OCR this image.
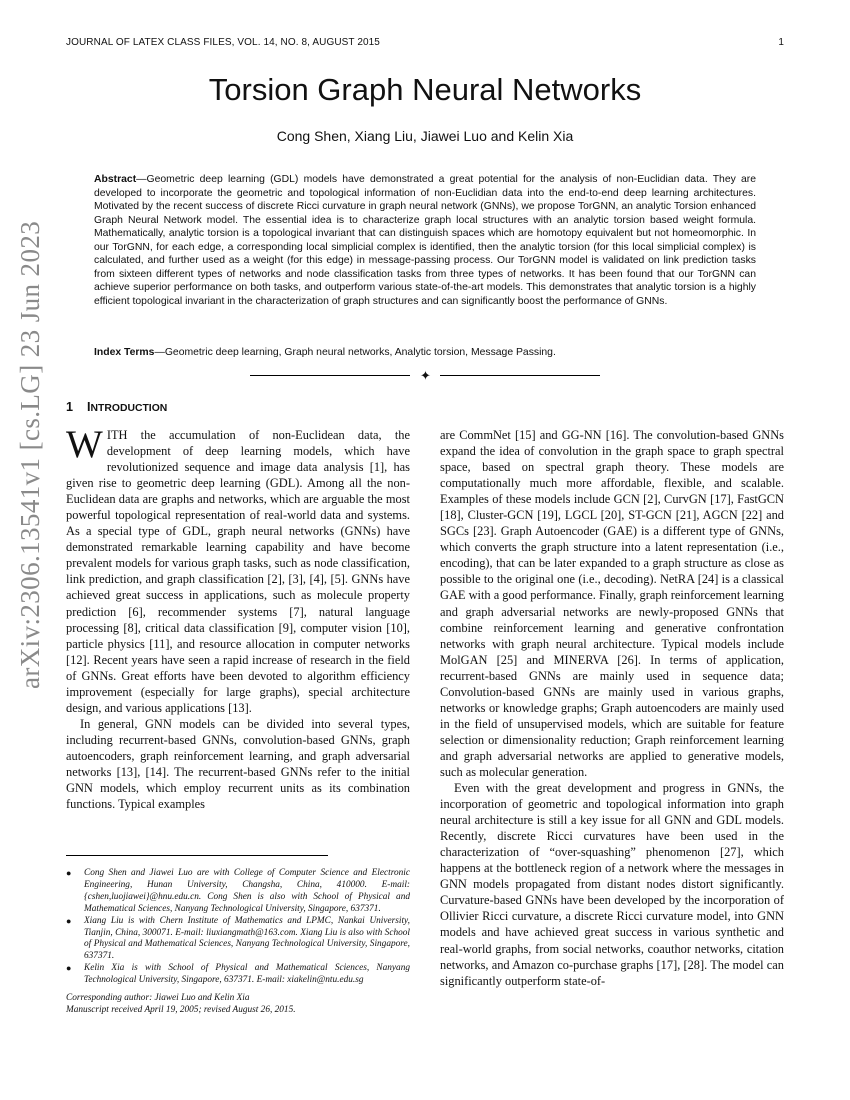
JOURNAL OF LATEX CLASS FILES, VOL. 14, NO. 8, AUGUST 2015	1
arXiv:2306.13541v1 [cs.LG] 23 Jun 2023
Torsion Graph Neural Networks
Cong Shen, Xiang Liu, Jiawei Luo and Kelin Xia

Abstract—Geometric deep learning (GDL) models have demonstrated a great potential for the analysis of non-Euclidian data. They are developed to incorporate the geometric and topological information of non-Euclidian data into the end-to-end deep learning architectures. Motivated by the recent success of discrete Ricci curvature in graph neural network (GNNs), we propose TorGNN, an analytic Torsion enhanced Graph Neural Network model. The essential idea is to characterize graph local structures with an analytic torsion based weight formula. Mathematically, analytic torsion is a topological invariant that can distinguish spaces which are homotopy equivalent but not homeomorphic. In our TorGNN, for each edge, a corresponding local simplicial complex is identified, then the analytic torsion (for this local simplicial complex) is calculated, and further used as a weight (for this edge) in message-passing process. Our TorGNN model is validated on link prediction tasks from sixteen different types of networks and node classification tasks from three types of networks. It has been found that our TorGNN can achieve superior performance on both tasks, and outperform various state-of-the-art models. This demonstrates that analytic torsion is a highly efficient topological invariant in the characterization of graph structures and can significantly boost the performance of GNNs.

Index Terms—Geometric deep learning, Graph neural networks, Analytic torsion, Message Passing.

✦
1 INTRODUCTION

WITH the accumulation of non-Euclidean data, the development of deep learning models, which have revolutionized sequence and image data analysis [1], has given rise to geometric deep learning (GDL). Among all the non-Euclidean data are graphs and networks, which are arguable the most powerful topological representation of real-world data and systems. As a special type of GDL, graph neural networks (GNNs) have demonstrated remarkable learning capability and have become prevalent models for various graph tasks, such as node classification, link prediction, and graph classification [2], [3], [4], [5]. GNNs have achieved great success in applications, such as molecule property prediction [6], recommender systems [7], natural language processing [8], critical data classification [9], computer vision [10], particle physics [11], and resource allocation in computer networks [12]. Recent years have seen a rapid increase of research in the field of GNNs. Great efforts have been devoted to algorithm efficiency improvement (especially for large graphs), special architecture design, and various applications [13].

In general, GNN models can be divided into several types, including recurrent-based GNNs, convolution-based GNNs, graph autoencoders, graph reinforcement learning, and graph adversarial networks [13], [14]. The recurrent-based GNNs refer to the initial GNN models, which employ recurrent units as its combination functions. Typical examples

are CommNet [15] and GG-NN [16]. The convolution-based GNNs expand the idea of convolution in the graph space to graph spectral space, based on spectral graph theory. These models are computationally much more affordable, flexible, and scalable. Examples of these models include GCN [2], CurvGN [17], FastGCN [18], Cluster-GCN [19], LGCL [20], ST-GCN [21], AGCN [22] and SGCs [23]. Graph Autoencoder (GAE) is a different type of GNNs, which converts the graph structure into a latent representation (i.e., encoding), that can be later expanded to a graph structure as close as possible to the original one (i.e., decoding). NetRA [24] is a classical GAE with a good performance. Finally, graph reinforcement learning and graph adversarial networks are newly-proposed GNNs that combine reinforcement learning and generative confrontation networks with graph neural architecture. Typical models include MolGAN [25] and MINERVA [26]. In terms of application, recurrent-based GNNs are mainly used in sequence data; Convolution-based GNNs are mainly used in various graphs, networks or knowledge graphs; Graph autoencoders are mainly used in the field of unsupervised models, which are suitable for feature selection or dimensionality reduction; Graph reinforcement learning and graph adversarial networks are applied to generative models, such as molecular generation.

Even with the great development and progress in GNNs, the incorporation of geometric and topological information into graph neural architecture is still a key issue for all GNN and GDL models. Recently, discrete Ricci curvatures have been used in the characterization of “over-squashing” phenomenon [27], which happens at the bottleneck region of a network where the messages in GNN models propagated from distant nodes distort significantly. Curvature-based GNNs have been developed by the incorporation of Ollivier Ricci curvature, a discrete Ricci curvature model, into GNN models and have achieved great success in various synthetic and real-world graphs, from social networks, coauthor networks, citation networks, and Amazon co-purchase graphs [17], [28]. The model can significantly outperform state-of-

● Cong Shen and Jiawei Luo are with College of Computer Science and Electronic Engineering, Hunan University, Changsha, China, 410000. E-mail: {cshen,luojiawei}@hnu.edu.cn. Cong Shen is also with School of Physical and Mathematical Sciences, Nanyang Technological University, Singapore, 637371.
● Xiang Liu is with Chern Institute of Mathematics and LPMC, Nankai University, Tianjin, China, 300071. E-mail: liuxiangmath@163.com. Xiang Liu is also with School of Physical and Mathematical Sciences, Nanyang Technological University, Singapore, 637371.
● Kelin Xia is with School of Physical and Mathematical Sciences, Nanyang Technological University, Singapore, 637371. E-mail: xiakelin@ntu.edu.sg
Corresponding author: Jiawei Luo and Kelin Xia
Manuscript received April 19, 2005; revised August 26, 2015.
